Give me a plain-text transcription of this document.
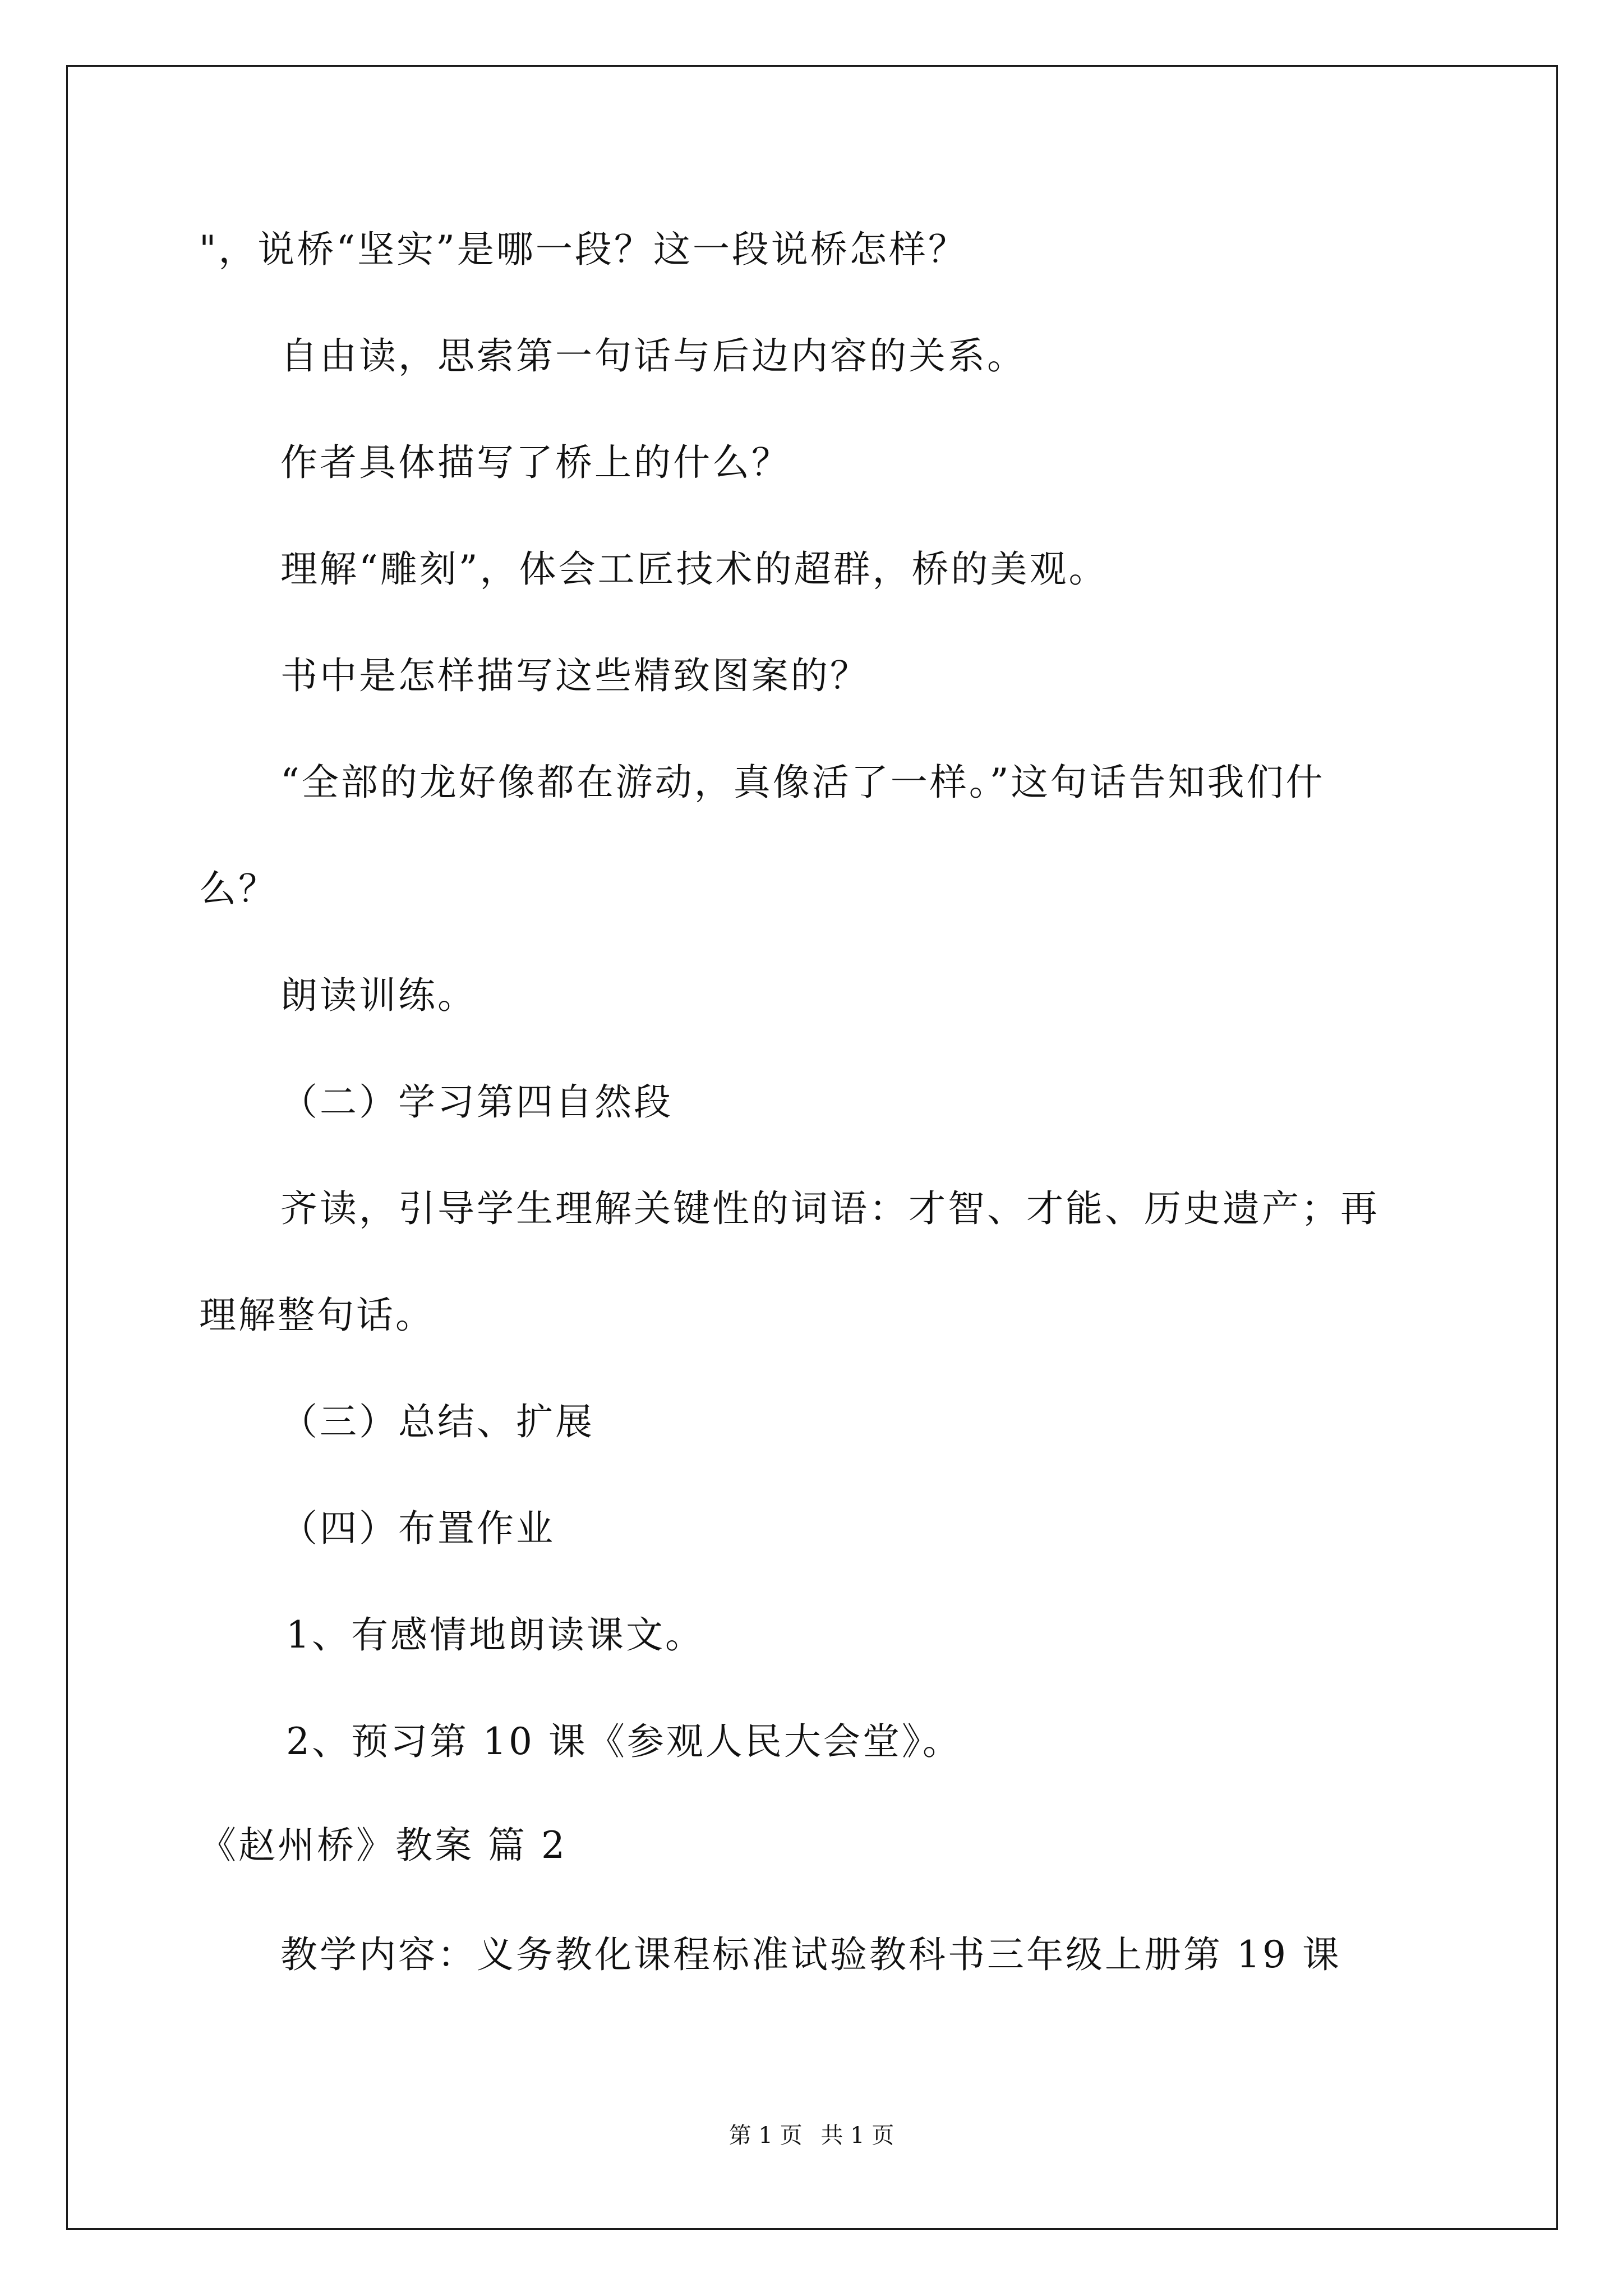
"，说桥“坚实”是哪一段？这一段说桥怎样？
自由读，思索第一句话与后边内容的关系。
作者具体描写了桥上的什么？
理解“雕刻”，体会工匠技术的超群，桥的美观。
书中是怎样描写这些精致图案的？
“全部的龙好像都在游动，真像活了一样。”这句话告知我们什
么？
朗读训练。
（二）学习第四自然段
齐读，引导学生理解关键性的词语：才智、才能、历史遗产；再
理解整句话。
（三）总结、扩展
（四）布置作业
1、有感情地朗读课文。
2、预习第 10 课《参观人民大会堂》。
《赵州桥》教案 篇 2
教学内容：义务教化课程标准试验教科书三年级上册第 19 课
第 1 页 共 1 页
